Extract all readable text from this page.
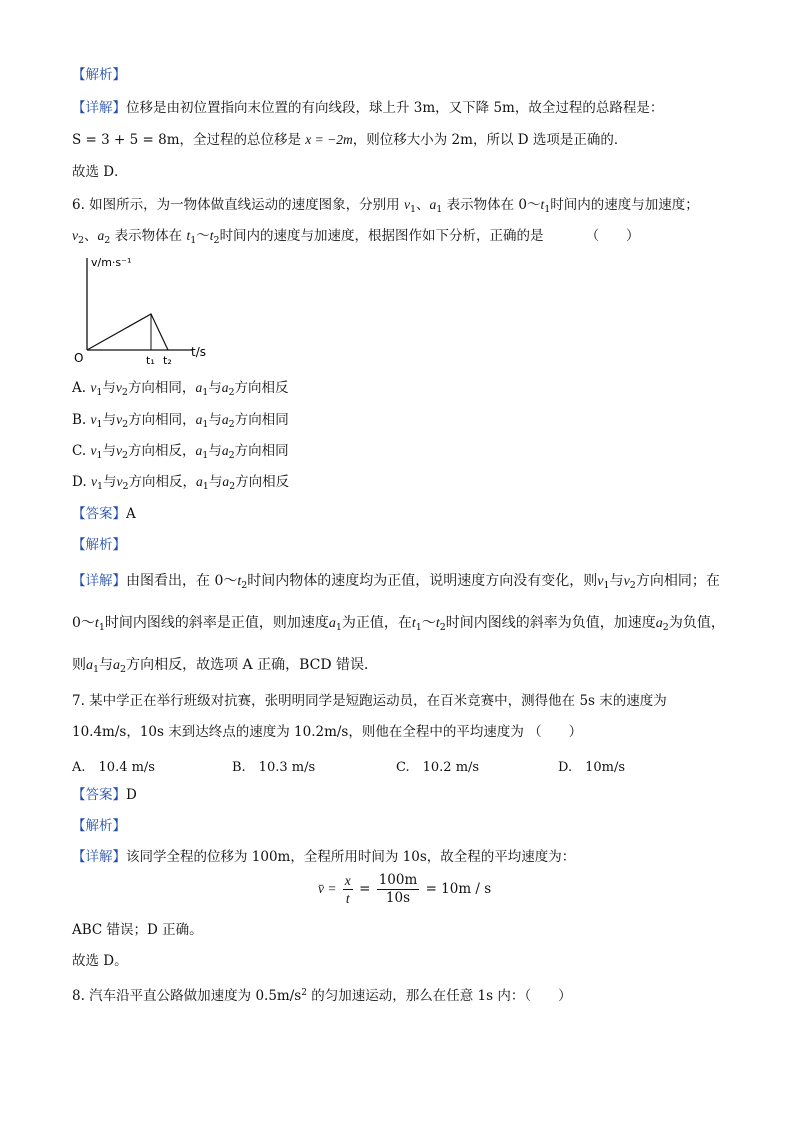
【解析】
【详解】位移是由初位置指向末位置的有向线段，球上升 3m，又下降 5m，故全过程的总路程是：
S = 3 + 5 = 8m，全过程的总位移是 x = −2m，则位移大小为 2m，所以 D 选项是正确的．
故选 D．
6. 如图所示，为一物体做直线运动的速度图象，分别用 $v_1$、$a_1$ 表示物体在 $0\sim t_1$时间内的速度与加速度；
$v_2$、$a_2$ 表示物体在 $t_1\sim t_2$时间内的速度与加速度，根据图作如下分析，正确的是	（　　）
v/m·s⁻¹
t/s
O	t₁ t₂
A. $v_1$与$v_2$方向相同，$a_1$与$a_2$方向相反
B. $v_1$与$v_2$方向相同，$a_1$与$a_2$方向相同
C. $v_1$与$v_2$方向相反，$a_1$与$a_2$方向相同
D. $v_1$与$v_2$方向相反，$a_1$与$a_2$方向相反
【答案】A
【解析】
【详解】由图看出，在 $0\sim t_2$时间内物体的速度均为正值，说明速度方向没有变化，则$v_1$与$v_2$方向相同；在
$0\sim t_1$时间内图线的斜率是正值，则加速度$a_1$为正值，在$t_1\sim t_2$时间内图线的斜率为负值，加速度$a_2$为负值，
则$a_1$与$a_2$方向相反，故选项 A 正确，BCD 错误．
7. 某中学正在举行班级对抗赛，张明明同学是短跑运动员，在百米竞赛中，测得他在 5s 末的速度为
10.4m/s，10s 末到达终点的速度为 10.2m/s，则他在全程中的平均速度为 （　　）
A.　10.4 m/s	B.　10.3 m/s	C.　10.2 m/s	D.　10m/s
【答案】D
【解析】
【详解】该同学全程的位移为 100m，全程所用时间为 10s，故全程的平均速度为：
v̄ = $\frac{x}{t} = \frac{100m}{10s} = 10m / s$
ABC 错误；D 正确。
故选 D。
8. 汽车沿平直公路做加速度为 $0.5m/s^2$ 的匀加速运动，那么在任意 1s 内：（　　）
